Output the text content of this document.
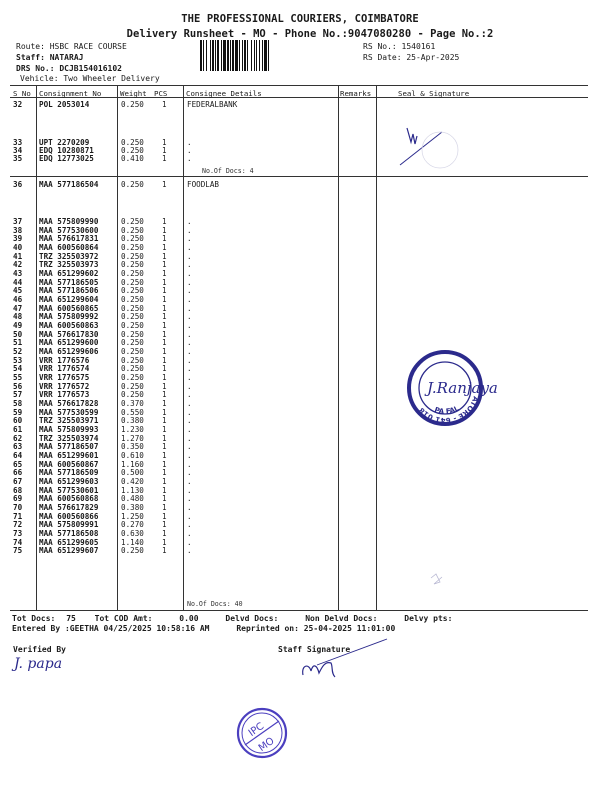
THE PROFESSIONAL COURIERS, COIMBATORE
Delivery Runsheet - MO - Phone No.:9047080280 - Page No.:2
Route: HSBC RACE COURSE
Staff: NATARAJ
DRS No.: DCJB154016102
Vehicle: Two Wheeler Delivery
RS No.: 1540161
RS Date: 25-Apr-2025
S No Consignment No	Weight PCS	Consignee Details	Remarks	Seal & Signature
FEDERALBANK
32 POL 2053014	0.250 1
33 UPT 2270209	0.250 1	.
34 EDQ 10280871	0.250 1	.
35 EDQ 12773025	0.410 1	.
No.Of Docs: 4
FOODLAB
36 MAA 577186504	0.250 1
37 MAA 575809990	0.250 1	.
38 MAA 577530600	0.250 1	.
39 MAA 576617831	0.250 1	.
40 MAA 600560864	0.250 1	.
41 TRZ 325503972	0.250 1	.
42 TRZ 325503973	0.250 1	.
43 MAA 651299602	0.250 1	.
44 MAA 577186505	0.250 1	.
45 MAA 577186506	0.250 1	.
46 MAA 651299604	0.250 1	.
47 MAA 600560865	0.250 1	.
48 MAA 575809992	0.250 1	.
49 MAA 600560863	0.250 1	.
50 MAA 576617830	0.250 1	.
51 MAA 651299600	0.250 1	.
52 MAA 651299606	0.250 1	.
53 VRR 1776576	0.250 1	.
54 VRR 1776574	0.250 1	.
55 VRR 1776575	0.250 1	.
56 VRR 1776572	0.250 1	.
57 VRR 1776573	0.250 1	.
58 MAA 576617828	0.370 1	.
59 MAA 577530599	0.550 1	.
60 TRZ 325503971	0.380 1	.
61 MAA 575809993	1.230 1	.
62 TRZ 325503974	1.270 1	.
63 MAA 577186507	0.350 1	.
64 MAA 651299601	0.610 1	.
65 MAA 600560867	1.160 1	.
66 MAA 577186509	0.500 1	.
67 MAA 651299603	0.420 1	.
68 MAA 577530601	1.130 1	.
69 MAA 600560868	0.480 1	.
70 MAA 576617829	0.380 1	.
71 MAA 600560866	1.250 1	.
72 MAA 575809991	0.270 1	.
73 MAA 577186508	0.630 1	.
74 MAA 651299605	1.140 1	.
75 MAA 651299607	0.250 1	.
No.Of Docs: 40
ATORE - 641 018 PA FAL
J.Ranjaya
Tot Docs: 75 Tot COD Amt:	0.00	Delvd Docs:	Non Delvd Docs:	Delvy pts:
Entered By :GEETHA 04/25/2025 10:58:16 AM	Reprinted on: 25-04-2025 11:01:00
Verified By
J. papa
Staff Signature
IPC
MO
